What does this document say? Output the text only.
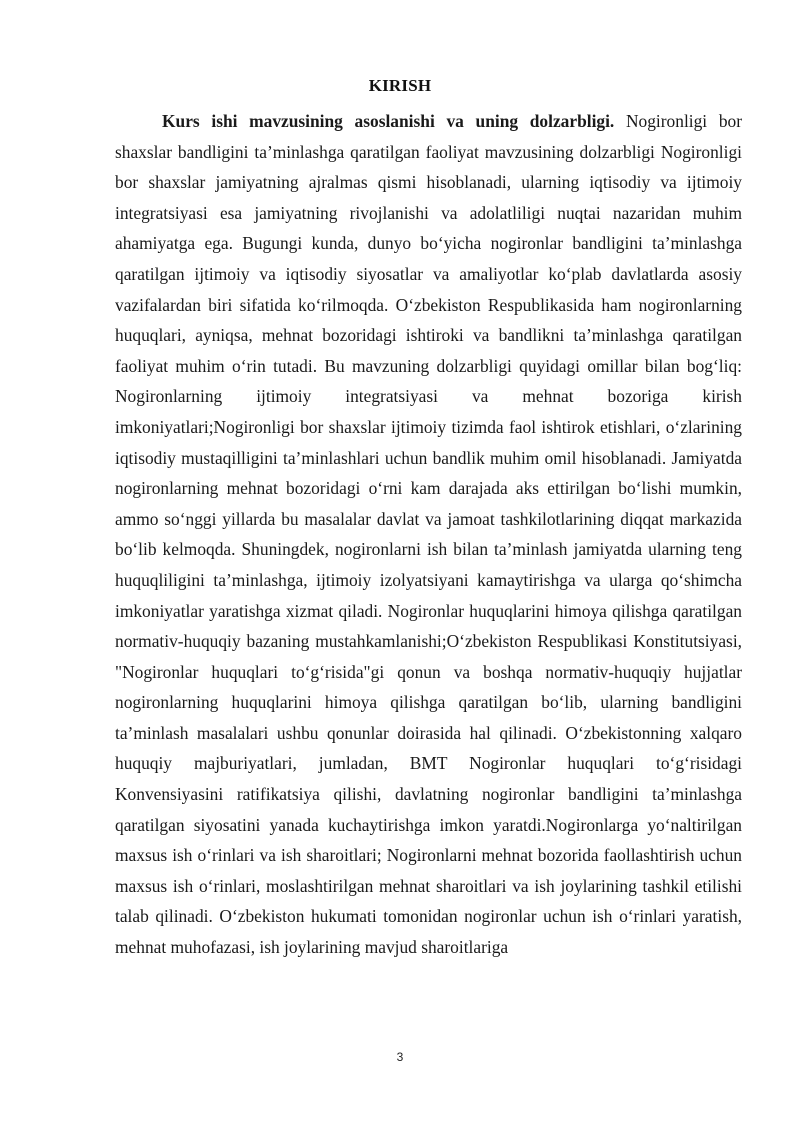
KIRISH

Kurs ishi mavzusining asoslanishi va uning dolzarbligi. Nogironligi bor shaxslar bandligini ta’minlashga qaratilgan faoliyat mavzusining dolzarbligi Nogironligi bor shaxslar jamiyatning ajralmas qismi hisoblanadi, ularning iqtisodiy va ijtimoiy integratsiyasi esa jamiyatning rivojlanishi va adolatliligi nuqtai nazaridan muhim ahamiyatga ega. Bugungi kunda, dunyo bo‘yicha nogironlar bandligini ta’minlashga qaratilgan ijtimoiy va iqtisodiy siyosatlar va amaliyotlar ko‘plab davlatlarda asosiy vazifalardan biri sifatida ko‘rilmoqda. O‘zbekiston Respublikasida ham nogironlarning huquqlari, ayniqsa, mehnat bozoridagi ishtiroki va bandlikni ta’minlashga qaratilgan faoliyat muhim o‘rin tutadi. Bu mavzuning dolzarbligi quyidagi omillar bilan bog‘liq: Nogironlarning ijtimoiy integratsiyasi va mehnat bozoriga kirish imkoniyatlari;Nogironligi bor shaxslar ijtimoiy tizimda faol ishtirok etishlari, o‘zlarining iqtisodiy mustaqilligini ta’minlashlari uchun bandlik muhim omil hisoblanadi. Jamiyatda nogironlarning mehnat bozoridagi o‘rni kam darajada aks ettirilgan bo‘lishi mumkin, ammo so‘nggi yillarda bu masalalar davlat va jamoat tashkilotlarining diqqat markazida bo‘lib kelmoqda. Shuningdek, nogironlarni ish bilan ta’minlash jamiyatda ularning teng huquqliligini ta’minlashga, ijtimoiy izolyatsiyani kamaytirishga va ularga qo‘shimcha imkoniyatlar yaratishga xizmat qiladi. Nogironlar huquqlarini himoya qilishga qaratilgan normativ-huquqiy bazaning mustahkamlanishi;O‘zbekiston Respublikasi Konstitutsiyasi, "Nogironlar huquqlari to‘g‘risida"gi qonun va boshqa normativ-huquqiy hujjatlar nogironlarning huquqlarini himoya qilishga qaratilgan bo‘lib, ularning bandligini ta’minlash masalalari ushbu qonunlar doirasida hal qilinadi. O‘zbekistonning xalqaro huquqiy majburiyatlari, jumladan, BMT Nogironlar huquqlari to‘g‘risidagi Konvensiyasini ratifikatsiya qilishi, davlatning nogironlar bandligini ta’minlashga qaratilgan siyosatini yanada kuchaytirishga imkon yaratdi.Nogironlarga yo‘naltirilgan maxsus ish o‘rinlari va ish sharoitlari; Nogironlarni mehnat bozorida faollashtirish uchun maxsus ish o‘rinlari, moslashtirilgan mehnat sharoitlari va ish joylarining tashkil etilishi talab qilinadi. O‘zbekiston hukumati tomonidan nogironlar uchun ish o‘rinlari yaratish, mehnat muhofazasi, ish joylarining mavjud sharoitlariga

3
